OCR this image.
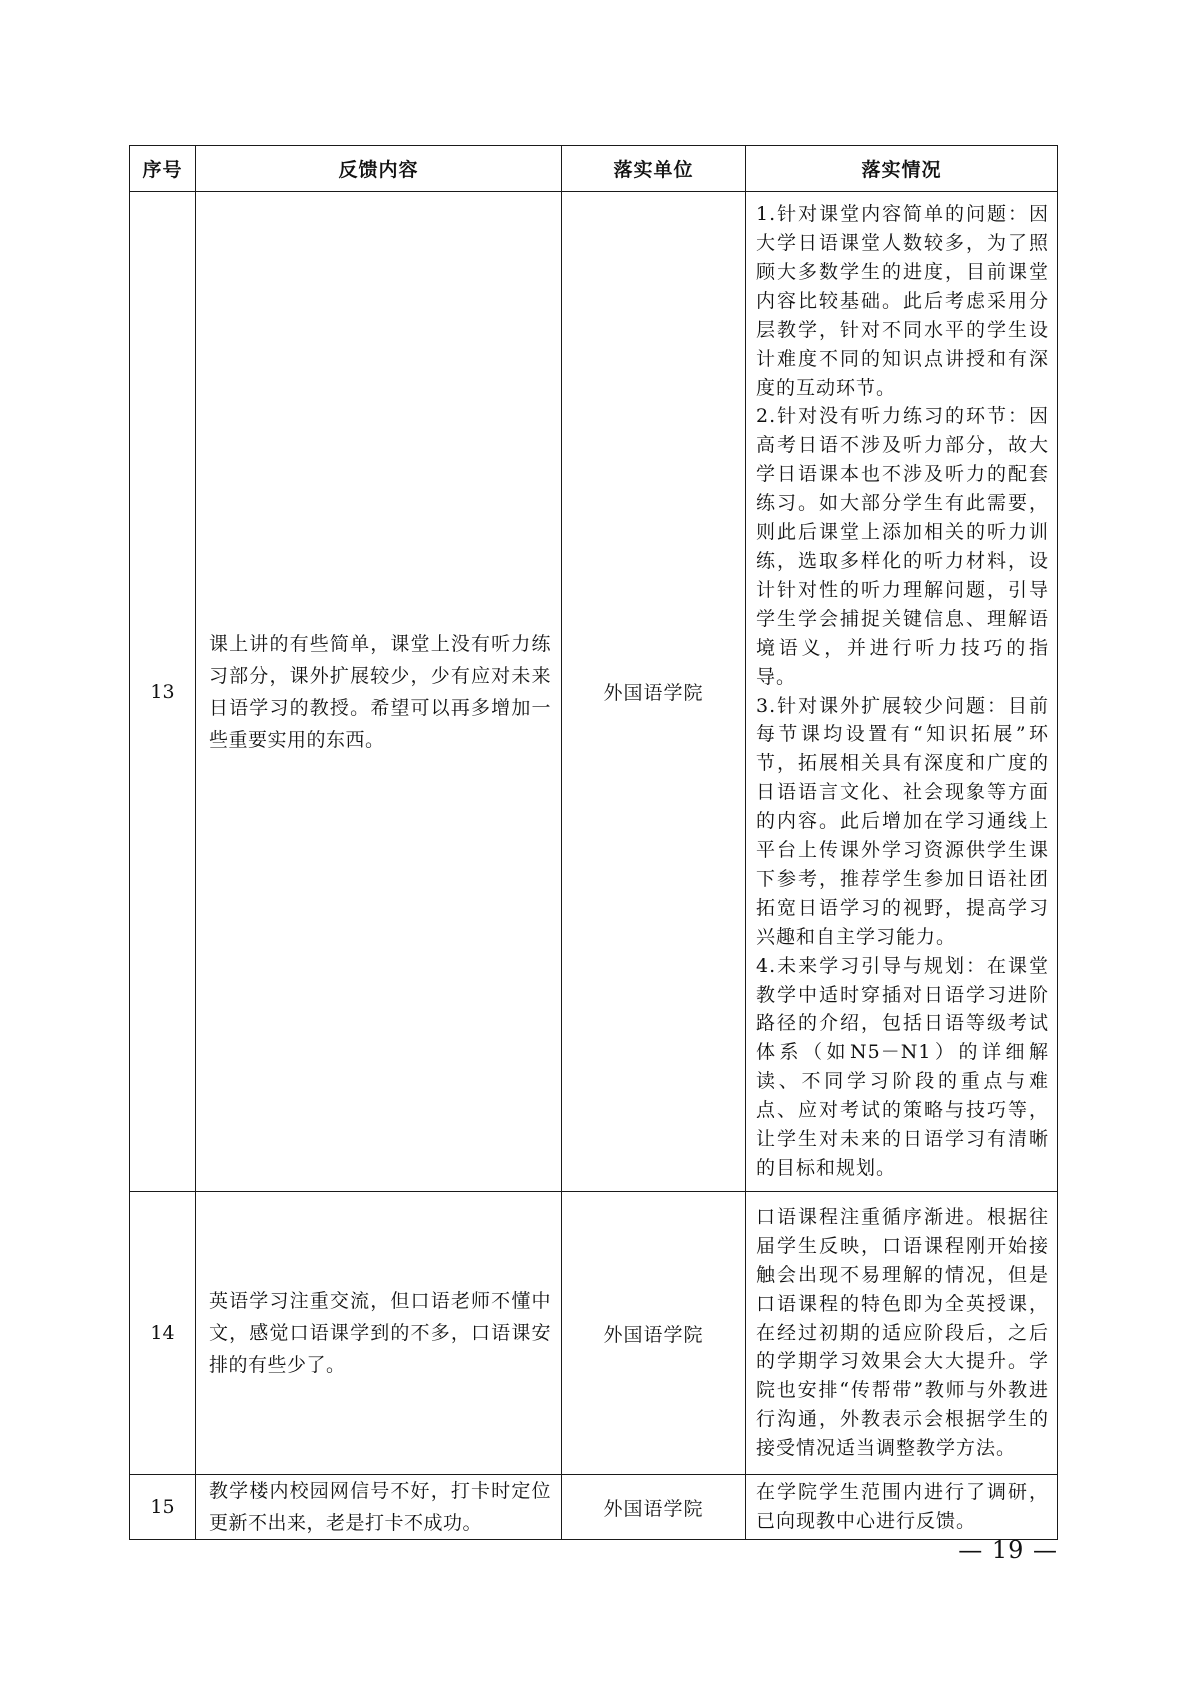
序号	反馈内容	落实单位	落实情况
13	课上讲的有些简单，课堂上没有听力练习部分，课外扩展较少，少有应对未来日语学习的教授。希望可以再多增加一些重要实用的东西。	外国语学院	1.针对课堂内容简单的问题：因大学日语课堂人数较多，为了照顾大多数学生的进度，目前课堂内容比较基础。此后考虑采用分层教学，针对不同水平的学生设计难度不同的知识点讲授和有深度的互动环节。

2.针对没有听力练习的环节：因高考日语不涉及听力部分，故大学日语课本也不涉及听力的配套练习。如大部分学生有此需要，则此后课堂上添加相关的听力训练，选取多样化的听力材料，设计针对性的听力理解问题，引导学生学会捕捉关键信息、理解语境语义，并进行听力技巧的指导。

3.针对课外扩展较少问题：目前每节课均设置有“知识拓展”环节，拓展相关具有深度和广度的日语语言文化、社会现象等方面的内容。此后增加在学习通线上平台上传课外学习资源供学生课下参考，推荐学生参加日语社团拓宽日语学习的视野，提高学习兴趣和自主学习能力。

4.未来学习引导与规划：在课堂教学中适时穿插对日语学习进阶路径的介绍，包括日语等级考试体系（如N5－N1）的详细解读、不同学习阶段的重点与难点、应对考试的策略与技巧等，让学生对未来的日语学习有清晰的目标和规划。

14	英语学习注重交流，但口语老师不懂中文，感觉口语课学到的不多，口语课安排的有些少了。	外国语学院	口语课程注重循序渐进。根据往届学生反映，口语课程刚开始接触会出现不易理解的情况，但是口语课程的特色即为全英授课，在经过初期的适应阶段后，之后的学期学习效果会大大提升。学院也安排“传帮带”教师与外教进行沟通，外教表示会根据学生的接受情况适当调整教学方法。

15	教学楼内校园网信号不好，打卡时定位更新不出来，老是打卡不成功。	外国语学院	在学院学生范围内进行了调研，已向现教中心进行反馈。

— 19 —
